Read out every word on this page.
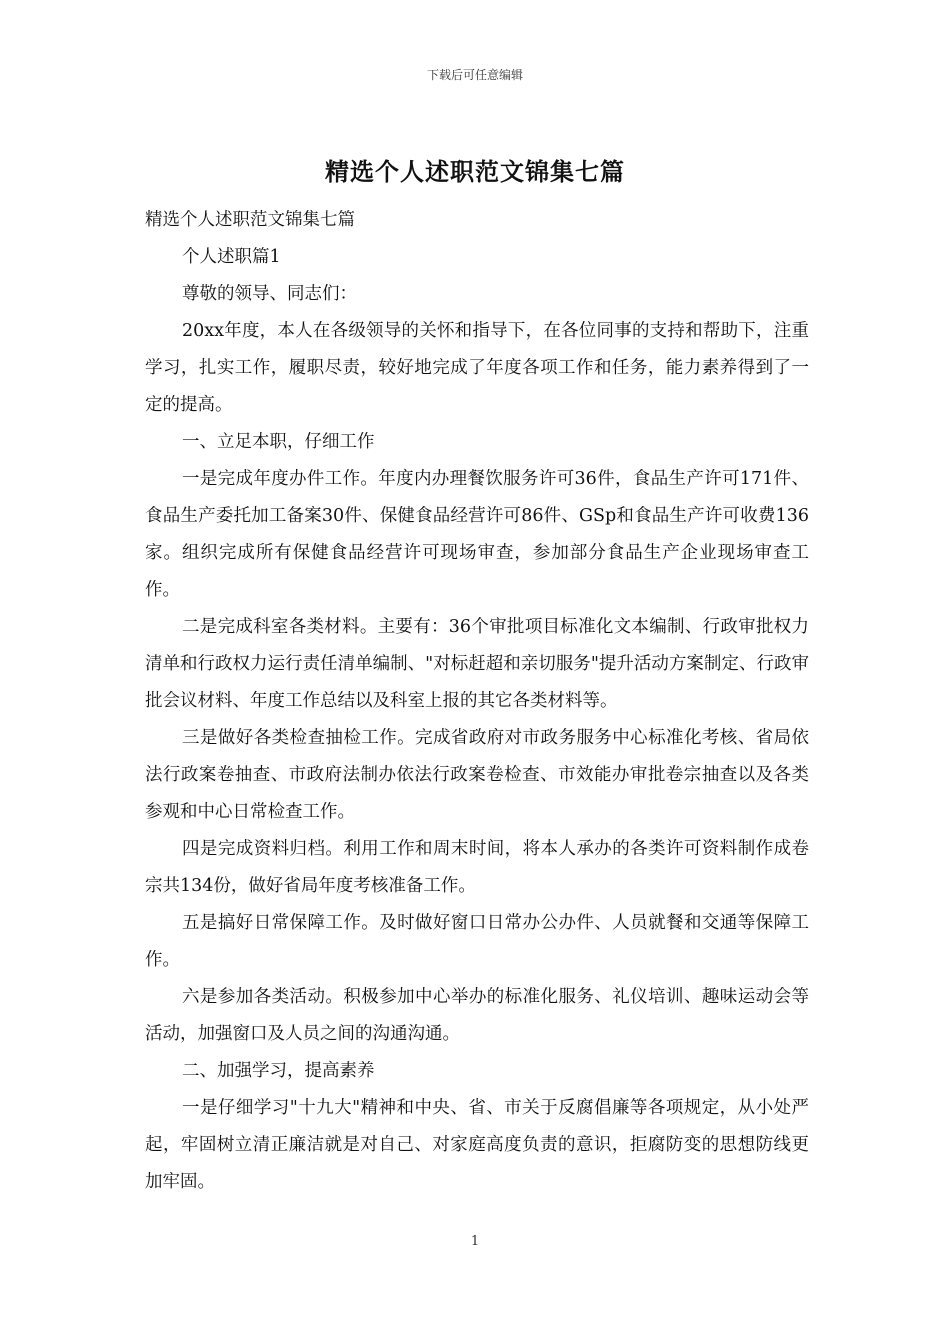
下载后可任意编辑
精选个人述职范文锦集七篇

精选个人述职范文锦集七篇

个人述职篇1

尊敬的领导、同志们：

20xx年度，本人在各级领导的关怀和指导下，在各位同事的支持和帮助下，注重学习，扎实工作，履职尽责，较好地完成了年度各项工作和任务，能力素养得到了一定的提高。

一、立足本职，仔细工作

一是完成年度办件工作。年度内办理餐饮服务许可36件，食品生产许可171件、食品生产委托加工备案30件、保健食品经营许可86件、GSp和食品生产许可收费136家。组织完成所有保健食品经营许可现场审查，参加部分食品生产企业现场审查工作。

二是完成科室各类材料。主要有：36个审批项目标准化文本编制、行政审批权力清单和行政权力运行责任清单编制、"对标赶超和亲切服务"提升活动方案制定、行政审批会议材料、年度工作总结以及科室上报的其它各类材料等。

三是做好各类检查抽检工作。完成省政府对市政务服务中心标准化考核、省局依法行政案卷抽查、市政府法制办依法行政案卷检查、市效能办审批卷宗抽查以及各类参观和中心日常检查工作。

四是完成资料归档。利用工作和周末时间，将本人承办的各类许可资料制作成卷宗共134份，做好省局年度考核准备工作。

五是搞好日常保障工作。及时做好窗口日常办公办件、人员就餐和交通等保障工作。

六是参加各类活动。积极参加中心举办的标准化服务、礼仪培训、趣味运动会等活动，加强窗口及人员之间的沟通沟通。

二、加强学习，提高素养

一是仔细学习"十九大"精神和中央、省、市关于反腐倡廉等各项规定，从小处严起，牢固树立清正廉洁就是对自己、对家庭高度负责的意识，拒腐防变的思想防线更加牢固。

1
